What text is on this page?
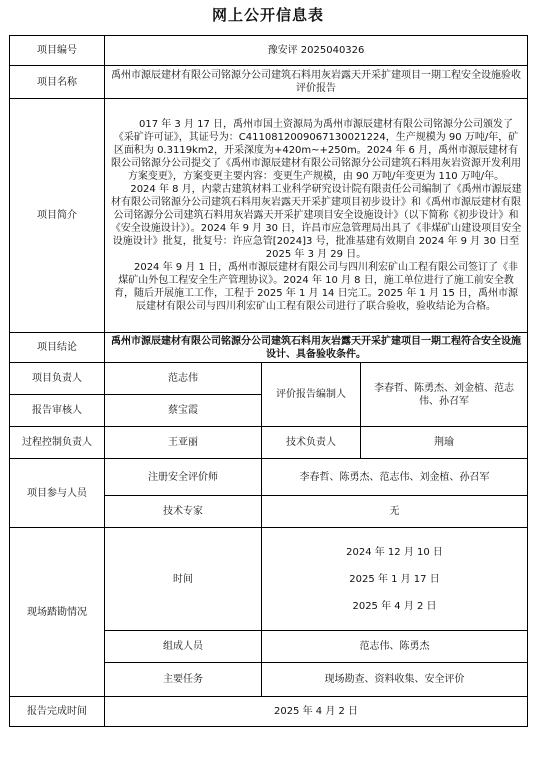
网上公开信息表
项目编号	豫安评 2025040326		
项目名称	禹州市源辰建材有限公司铭源分公司建筑石料用灰岩露天开采扩建项目一期工程安全设施验收评价报告		
项目简介	017 年 3 月 17 日，禹州市国土资源局为禹州市源辰建材有限公司铭源分公司颁发了《采矿许可证》，其证号为：C4110812009067130021224，生产规模为 90 万吨/年，矿区面积为 0.3119km2，开采深度为+420m~+250m。2024 年 6 月，禹州市源辰建材有限公司铭源分公司提交了《禹州市源辰建材有限公司铭源分公司建筑石料用灰岩资源开发利用方案变更》，方案变更主要内容：变更生产规模，由 90 万吨/年变更为 110 万吨/年。

2024 年 8 月，内蒙古建筑材料工业科学研究设计院有限责任公司编制了《禹州市源辰建材有限公司铭源分公司建筑石料用灰岩露天开采扩建项目初步设计》和《禹州市源辰建材有限公司铭源分公司建筑石料用灰岩露天开采扩建项目安全设施设计》（以下简称《初步设计》和《安全设施设计》）。2024 年 9 月 30 日，许昌市应急管理局出具了《非煤矿山建设项目安全设施设计》批复，批复号：许应急管[2024]3 号，批准基建有效期自 2024 年 9 月 30 日至 2025 年 3 月 29 日。

2024 年 9 月 1 日，禹州市源辰建材有限公司与四川利宏矿山工程有限公司签订了《非煤矿山外包工程安全生产管理协议》。2024 年 10 月 8 日，施工单位进行了施工前安全教育，随后开展施工工作，工程于 2025 年 1 月 14 日完工。2025 年 1 月 15 日，禹州市源辰建材有限公司与四川利宏矿山工程有限公司进行了联合验收，验收结论为合格。		

项目结论	禹州市源辰建材有限公司铭源分公司建筑石料用灰岩露天开采扩建项目一期工程符合安全设施设计、具备验收条件。		
项目负责人	范志伟	评价报告编制人	李春哲、陈勇杰、刘金植、范志伟、孙召军
报告审核人	蔡宝霞		
过程控制负责人	王亚丽	技术负责人	荆瑜
项目参与人员	注册安全评价师	李春哲、陈勇杰、范志伟、刘金植、孙召军	
	技术专家	无	
现场踏勘情况	时间	2024 年 12 月 10 日
2025 年 1 月 17 日
2025 年 4 月 2 日	

	组成人员	范志伟、陈勇杰	
	主要任务	现场勘查、资料收集、安全评价	
报告完成时间	2025 年 4 月 2 日		
